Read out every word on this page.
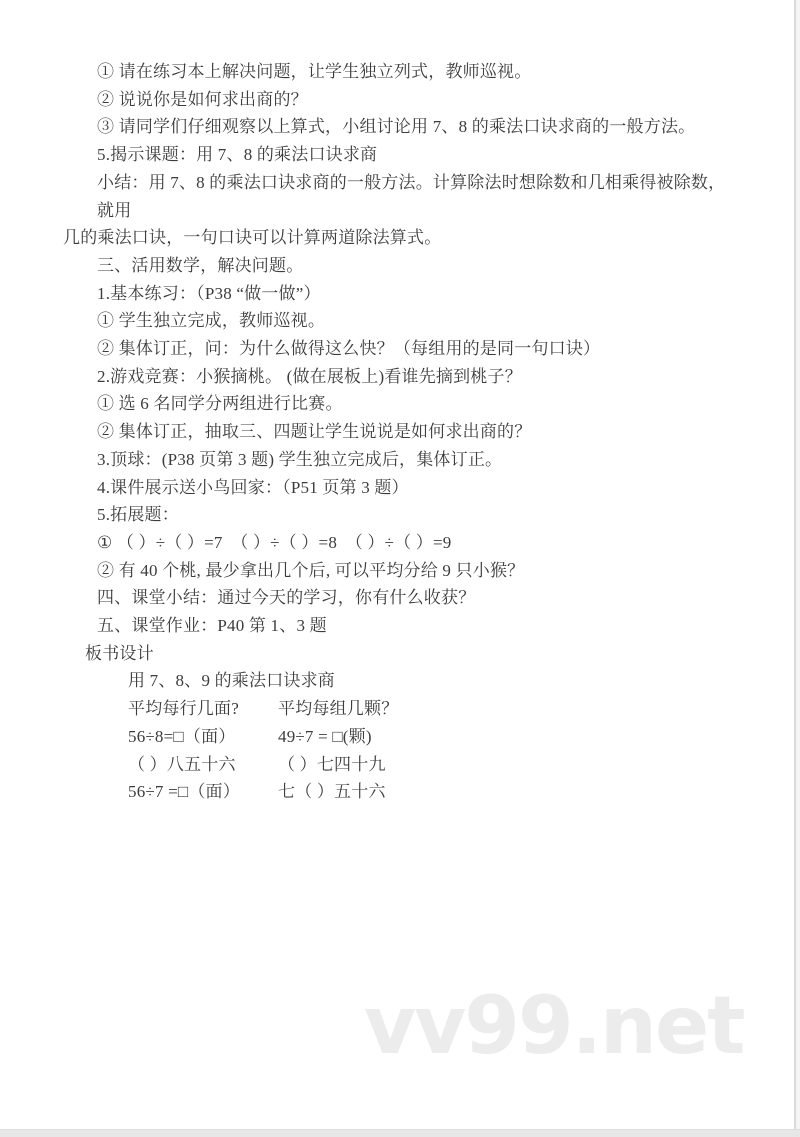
① 请在练习本上解决问题，让学生独立列式，教师巡视。

② 说说你是如何求出商的？

③ 请同学们仔细观察以上算式，小组讨论用 7、8 的乘法口诀求商的一般方法。

5.揭示课题：用 7、8 的乘法口诀求商

小结：用 7、8 的乘法口诀求商的一般方法。计算除法时想除数和几相乘得被除数，就用

几的乘法口诀，一句口诀可以计算两道除法算式。

三、活用数学，解决问题。

1.基本练习：（P38 “做一做”）

① 学生独立完成，教师巡视。

② 集体订正，问：为什么做得这么快？（每组用的是同一句口诀）

2.游戏竞赛：小猴摘桃。 (做在展板上)看谁先摘到桃子？

① 选 6 名同学分两组进行比赛。

② 集体订正，抽取三、四题让学生说说是如何求出商的？

3.顶球：(P38 页第 3 题) 学生独立完成后，集体订正。

4.课件展示送小鸟回家：（P51 页第 3 题）

5.拓展题：

① （ ）÷（ ）=7　（ ）÷（ ）=8　（ ）÷（ ）=9

② 有 40 个桃, 最少拿出几个后, 可以平均分给 9 只小猴？

四、课堂小结：通过今天的学习，你有什么收获？

五、课堂作业：P40 第 1、3 题

板书设计

用 7、8、9 的乘法口诀求商

平均每行几面?	平均每组几颗？

56÷8=□（面）	49÷7 = □(颗)

（ ）八五十六	（ ）七四十九

56÷7 =□（面）	七（ ）五十六

vv99.net
